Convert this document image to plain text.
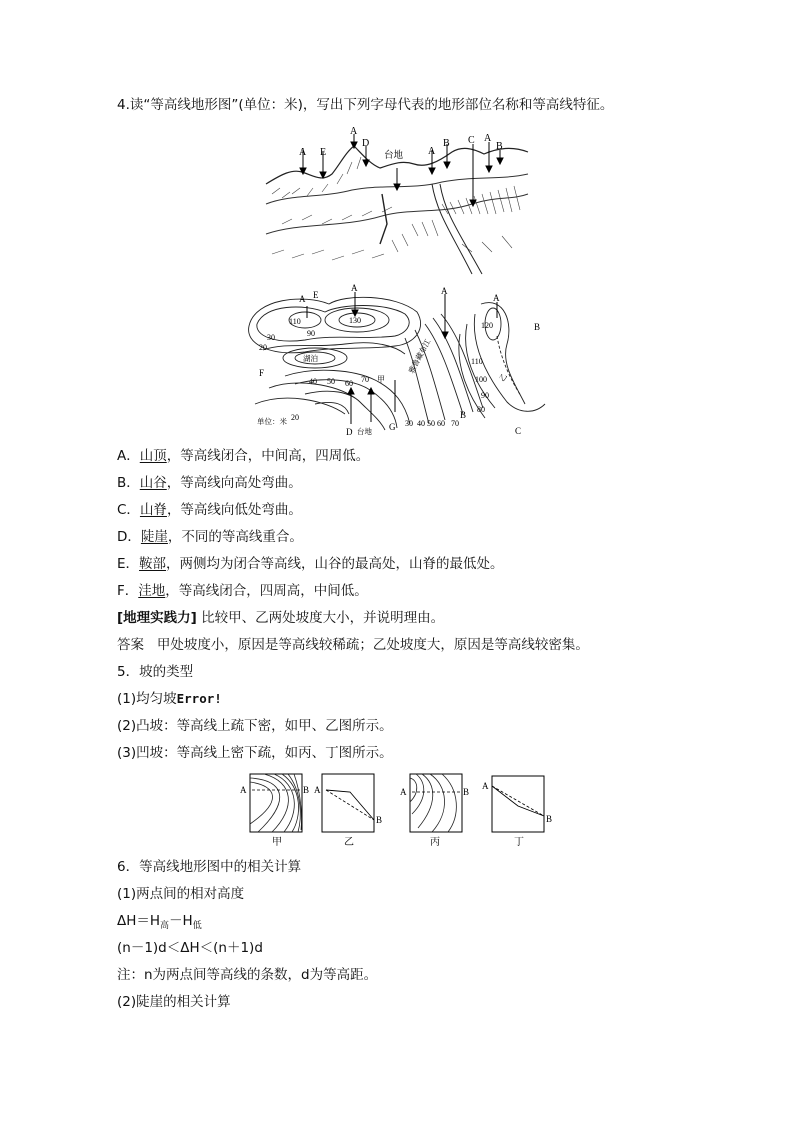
4.读“等高线地形图”(单位：米)，写出下列字母代表的地形部位名称和等高线特征。
A E
A
D
台地 A
B C A
B
A E
A	A
A
B
F
D	G
B
C
110
90
130
30
20
湖泊
40 50 60 70 甲
30 40 50 60 70
120
110
100
90
80
20
雅鲁藏布江
乙
单位：米
台地
A．山顶，等高线闭合，中间高，四周低。
B．山谷，等高线向高处弯曲。
C．山脊，等高线向低处弯曲。
D．陡崖，不同的等高线重合。
E．鞍部，两侧均为闭合等高线，山谷的最高处，山脊的最低处。
F．洼地，等高线闭合，四周高，中间低。
[地理实践力] 比较甲、乙两处坡度大小，并说明理由。
答案 甲处坡度小，原因是等高线较稀疏；乙处坡度大，原因是等高线较密集。
5．坡的类型
(1)均匀坡Error!
(2)凸坡：等高线上疏下密，如甲、乙图所示。
(3)凹坡：等高线上密下疏，如丙、丁图所示。
A	B
甲
A
B
乙
A	B
丙
A
B
丁
6．等高线地形图中的相关计算
(1)两点间的相对高度
$\Delta H=H_高-H_低$
(n－1)d＜ΔH＜(n＋1)d
注：n为两点间等高线的条数，d为等高距。
(2)陡崖的相关计算
